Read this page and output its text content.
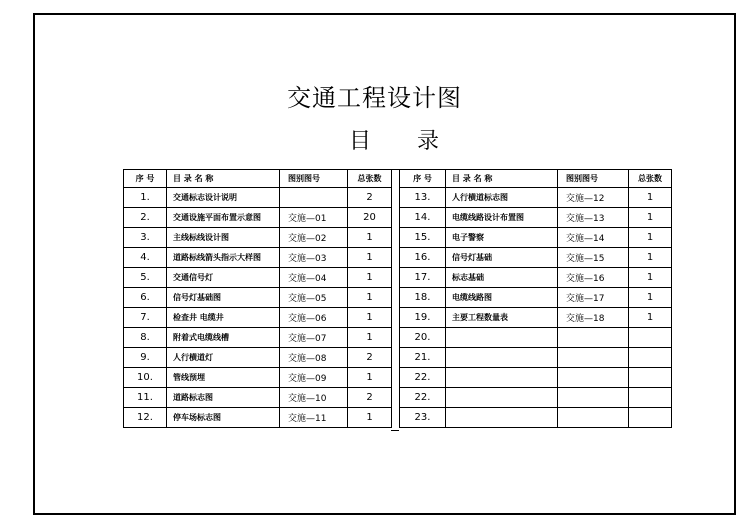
交通工程设计图
目 录
序 号	目 录 名 称	图别图号	总张数
1.	交通标志设计说明		2
2.	交通设施平面布置示意图	交施—01	20
3.	主线标线设计图	交施—02	1
4.	道路标线箭头指示大样图	交施—03	1
5.	交通信号灯	交施—04	1
6.	信号灯基础图	交施—05	1
7.	检查井 电缆井	交施—06	1
8.	附着式电缆线槽	交施—07	1
9.	人行横道灯	交施—08	2
10.	管线预埋	交施—09	1
11.	道路标志图	交施—10	2
12.	停车场标志图	交施—11	1
序 号	目 录 名 称	图别图号	总张数
13.	人行横道标志图	交施—12	1
14.	电缆线路设计布置图	交施—13	1
15.	电子警察	交施—14	1
16.	信号灯基础	交施—15	1
17.	标志基础	交施—16	1
18.	电缆线路图	交施—17	1
19.	主要工程数量表	交施—18	1
20.			
21.			
22.			
22.			
23.			
